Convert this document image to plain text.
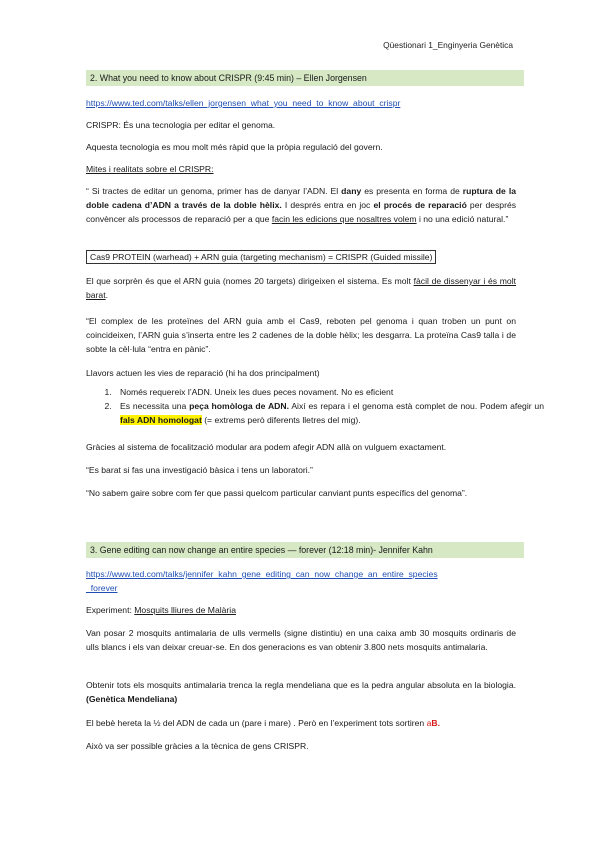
Qüestionari 1_Enginyeria Genètica
2. What you need to know about CRISPR (9:45 min) – Ellen Jorgensen

https://www.ted.com/talks/ellen_jorgensen_what_you_need_to_know_about_crispr

CRISPR: És una tecnologia per editar el genoma.

Aquesta tecnologia es mou molt més ràpid que la pròpia regulació del govern.

Mites i realitats sobre el CRISPR:

“ Si tractes de editar un genoma, primer has de danyar l’ADN. El dany es presenta en forma de ruptura de la doble cadena d’ADN a través de la doble hèlix. I després entra en joc el procés de reparació per després convèncer als processos de reparació per a que facin les edicions que nosaltres volem i no una edició natural.”

Cas9 PROTEIN (warhead) + ARN guia (targeting mechanism) = CRISPR (Guided missile)

El que sorprèn és que el ARN guia (nomes 20 targets) dirigeixen el sistema. Es molt fàcil de dissenyar i és molt barat.

“El complex de les proteïnes del ARN guia amb el Cas9, reboten pel genoma i quan troben un punt on coincideixen, l’ARN guia s’inserta entre les 2 cadenes de la doble hèlix; les desgarra. La proteïna Cas9 talla i de sobte la cèl·lula “entra en pànic”.

Llavors actuen les vies de reparació (hi ha dos principalment)

1. Només requereix l’ADN. Uneix les dues peces novament. No es eficient
2. Es necessita una peça homòloga de ADN. Així es repara i el genoma està complet de nou. Podem afegir un fals ADN homologat (= extrems però diferents lletres del mig).

Gràcies al sistema de focalització modular ara podem afegir ADN allà on vulguem exactament.

“Es barat si fas una investigació bàsica i tens un laboratori.”

“No sabem gaire sobre com fer que passi quelcom particular canviant punts específics del genoma”.

3. Gene editing can now change an entire species — forever (12:18 min)- Jennifer Kahn

https://www.ted.com/talks/jennifer_kahn_gene_editing_can_now_change_an_entire_species
_forever

Experiment: Mosquits lliures de Malària

Van posar 2 mosquits antimalaria de ulls vermells (signe distintiu) en una caixa amb 30 mosquits ordinaris de ulls blancs i els van deixar creuar-se. En dos generacions es van obtenir 3.800 nets mosquits antimalaria.

Obtenir tots els mosquits antimalaria trenca la regla mendeliana que es la pedra angular absoluta en la biologia. (Genètica Mendeliana)

El bebè hereta la ½ del ADN de cada un (pare i mare) . Però en l’experiment tots sortiren aB.

Això va ser possible gràcies a la tècnica de gens CRISPR.
